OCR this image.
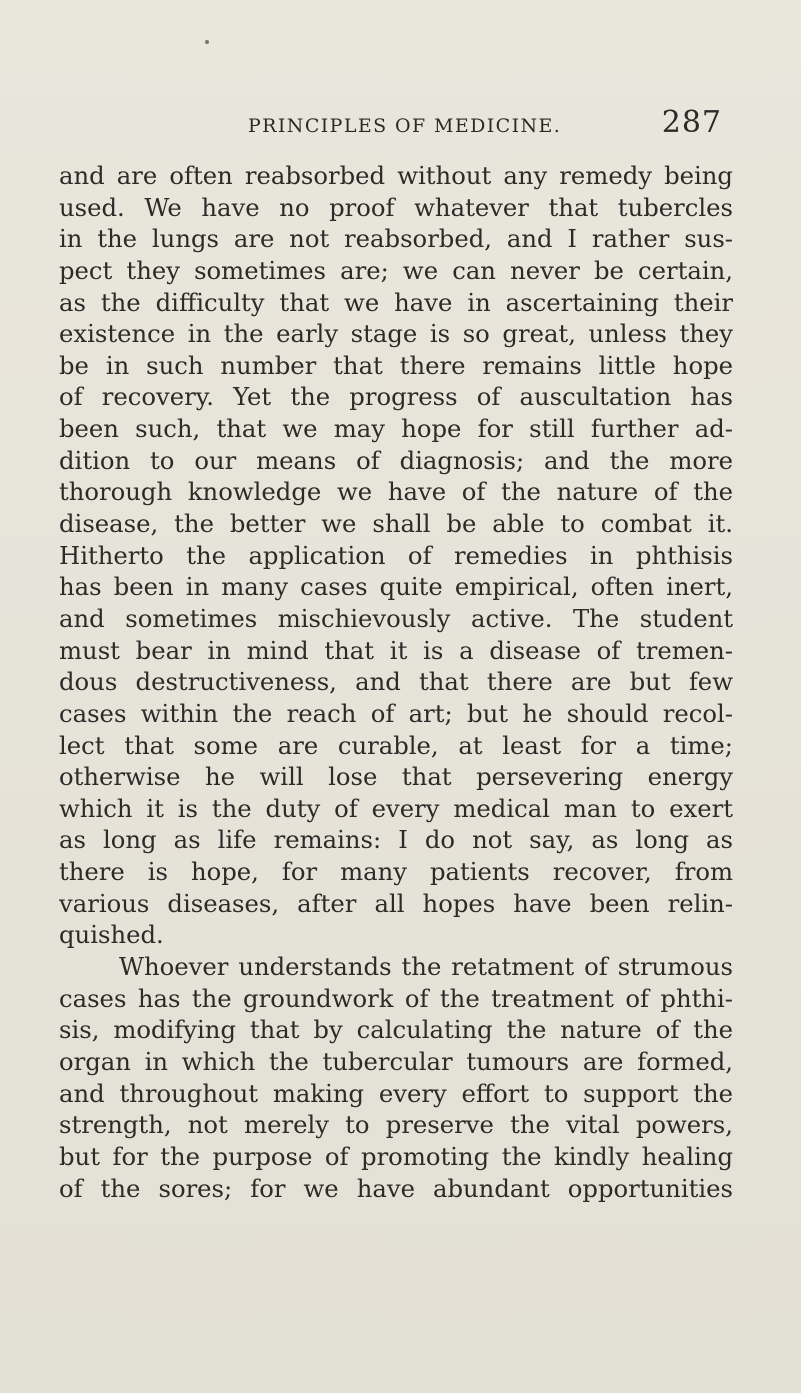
PRINCIPLES OF MEDICINE.	287
and are often reabsorbed without any remedy being
used. We have no proof whatever that tubercles
in the lungs are not reabsorbed, and I rather sus-
pect they sometimes are; we can never be certain,
as the difficulty that we have in ascertaining their
existence in the early stage is so great, unless they
be in such number that there remains little hope
of recovery. Yet the progress of auscultation has
been such, that we may hope for still further ad-
dition to our means of diagnosis; and the more
thorough knowledge we have of the nature of the
disease, the better we shall be able to combat it.
Hitherto the application of remedies in phthisis
has been in many cases quite empirical, often inert,
and sometimes mischievously active. The student
must bear in mind that it is a disease of tremen-
dous destructiveness, and that there are but few
cases within the reach of art; but he should recol-
lect that some are curable, at least for a time;
otherwise he will lose that persevering energy
which it is the duty of every medical man to exert
as long as life remains: I do not say, as long as
there is hope, for many patients recover, from
various diseases, after all hopes have been relin-
quished.
Whoever understands the retatment of strumous
cases has the groundwork of the treatment of phthi-
sis, modifying that by calculating the nature of the
organ in which the tubercular tumours are formed,
and throughout making every effort to support the
strength, not merely to preserve the vital powers,
but for the purpose of promoting the kindly healing
of the sores; for we have abundant opportunities
